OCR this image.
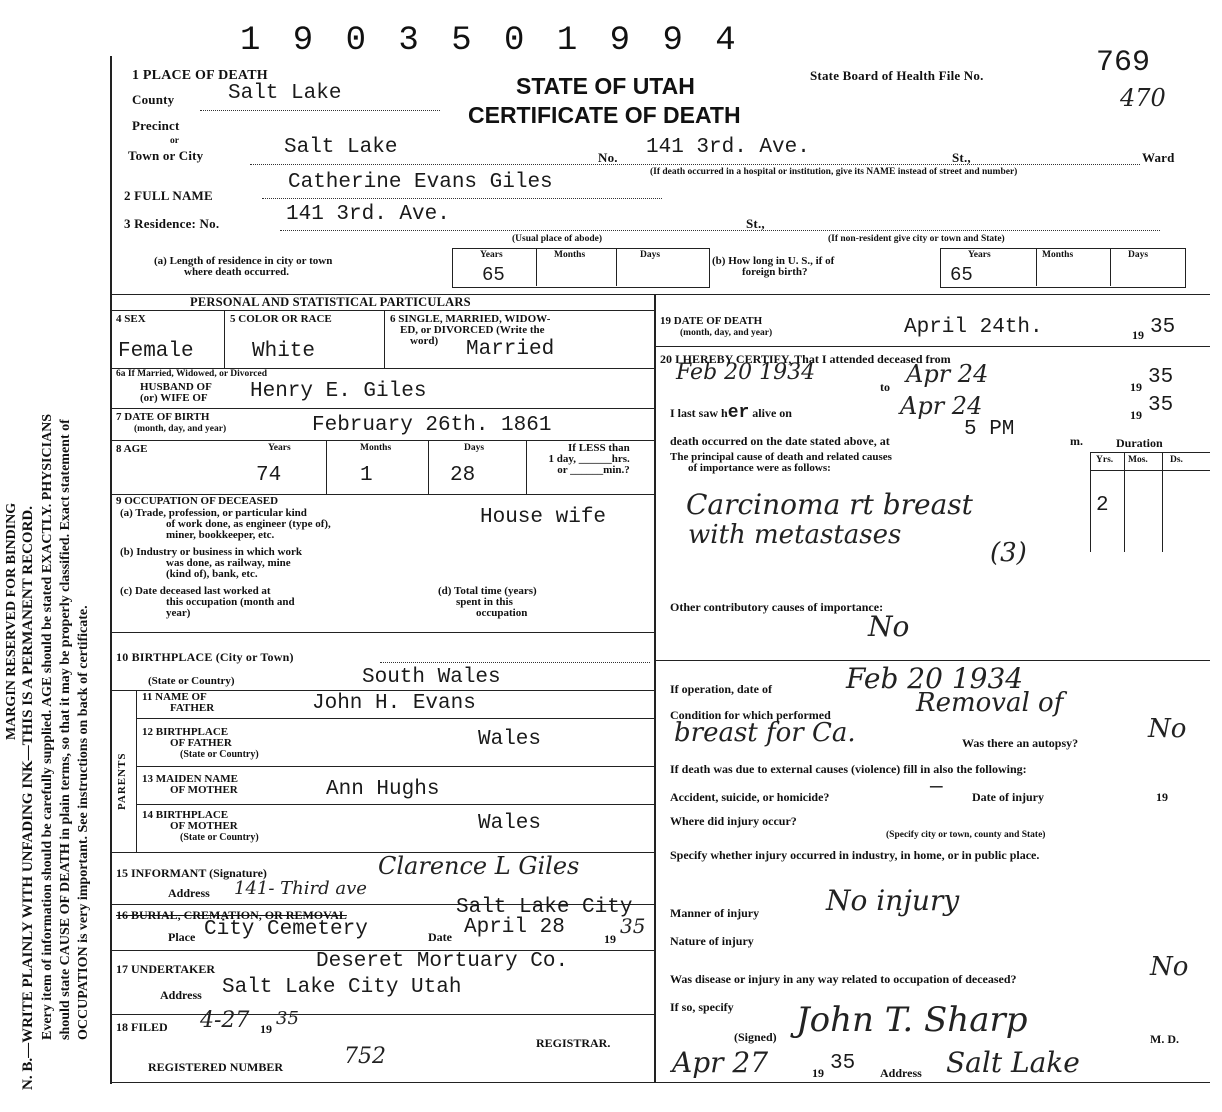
MARGIN RESERVED FOR BINDING N. B.—WRITE PLAINLY WITH UNFADING INK—THIS IS A PERMANENT RECORD. Every item of information should be carefully supplied. AGE should be stated EXACTLY. PHYSICIANS should state CAUSE OF DEATH in plain terms, so that it may be properly classified. Exact statement of OCCUPATION is very important. See instructions on back of certificate.
1 9 0 3 5 0 1 9 9 4
1 PLACE OF DEATH	STATE OF UTAH
CERTIFICATE OF DEATH
State Board of Health File No.	769
470
County	Salt Lake
Precinct
or
Town or City	Salt Lake	No. 141 3rd. Ave.	St.,	Ward
(If death occurred in a hospital or institution, give its NAME instead of street and number)
2 FULL NAME
Catherine Evans Giles
3 Residence: No.	141 3rd. Ave.	St.,
(Usual place of abode)	(If non-resident give city or town and State)
(a) Length of residence in city or town
where death occurred.
Years	Months	Days
65
(b) How long in U. S., if of
foreign birth?
Years	Months	Days
65
PERSONAL AND STATISTICAL PARTICULARS
4 SEX	5 COLOR OR RACE	6 SINGLE, MARRIED, WIDOW-
ED, or DIVORCED (Write the
word)
Female	White	Married
6a If Married, Widowed, or Divorced
HUSBAND OF
(or) WIFE OF Henry E. Giles
7 DATE OF BIRTH
(month, day, and year)	February 26th. 1861
8 AGE	Years	Months	Days	If LESS than
1 day, ______hrs.
or ______min.?
74	1	28
9 OCCUPATION OF DECEASED
(a) Trade, profession, or particular kind
of work done, as engineer (type of),
miner, bookkeeper, etc.
House wife
(b) Industry or business in which work
was done, as railway, mine
(kind of), bank, etc.
(c) Date deceased last worked at
this occupation (month and
year)
(d) Total time (years)
spent in this
occupation
10 BIRTHPLACE (City or Town)
(State or Country)	South Wales
PARENTS
11 NAME OF
FATHER	John H. Evans
12 BIRTHPLACE
OF FATHER
(State or Country)
Wales
13 MAIDEN NAME
OF MOTHER	Ann Hughs
14 BIRTHPLACE
OF MOTHER
(State or Country)
Wales
15 INFORMANT (Signature)	Clarence L Giles
Address 141- Third ave
16 BURIAL, CREMATION, OR REMOVAL	Salt Lake City
Place City Cemetery	Date April 28	19
35
17 UNDERTAKER	Deseret Mortuary Co.
Address Salt Lake City Utah
18 FILED 4-27 19 35
REGISTRAR.
REGISTERED NUMBER	752
19 DATE OF DEATH
(month, day, and year)	April 24th.	19 35
20 I HEREBY CERTIFY, That I attended deceased from
Feb 20 1934
to Apr 24	19 35
I last saw her alive on	Apr 24	19 35
death occurred on the date stated above, at	5 PM	m.	Duration
Yrs. Mos. Ds.
The principal cause of death and related causes
of importance were as follows:
Carcinoma rt breast	2
with metastases
(3)
Other contributory causes of importance:
No
If operation, date of	Feb 20 1934
Condition for which performed	Removal of
breast for Ca.	Was there an autopsy?	No
If death was due to external causes (violence) fill in also the following:
Accident, suicide, or homicide?	— Date of injury	19
Where did injury occur?
(Specify city or town, county and State)
Specify whether injury occurred in industry, in home, or in public place.
Manner of injury No injury
Nature of injury
Was disease or injury in any way related to occupation of deceased?	No
If so, specify
(Signed) John T. Sharp	M. D.
Apr 27	19 35 Address Salt Lake
